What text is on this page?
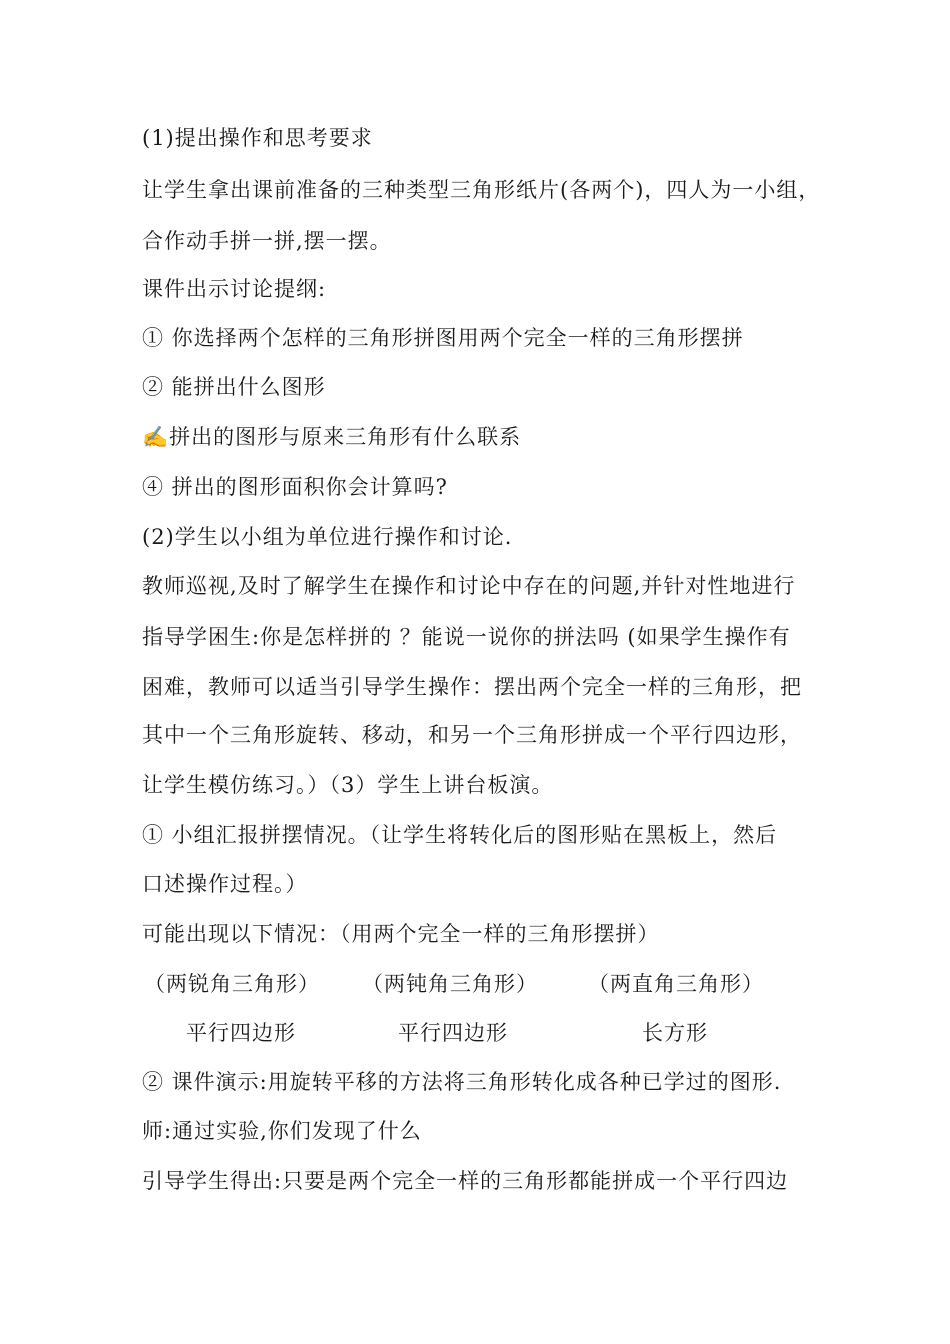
(1)提出操作和思考要求
让学生拿出课前准备的三种类型三角形纸片(各两个)，四人为一小组，
合作动手拼一拼,摆一摆。
课件出示讨论提纲:
① 你选择两个怎样的三角形拼图用两个完全一样的三角形摆拼
② 能拼出什么图形
✍拼出的图形与原来三角形有什么联系
④ 拼出的图形面积你会计算吗?
(2)学生以小组为单位进行操作和讨论.
教师巡视,及时了解学生在操作和讨论中存在的问题,并针对性地进行
指导学困生:你是怎样拼的 ？能说一说你的拼法吗 (如果学生操作有
困难，教师可以适当引导学生操作：摆出两个完全一样的三角形，把
其中一个三角形旋转、移动，和另一个三角形拼成一个平行四边形，
让学生模仿练习。）（3）学生上讲台板演。
① 小组汇报拼摆情况。（让学生将转化后的图形贴在黑板上，然后
口述操作过程。）
可能出现以下情况：（用两个完全一样的三角形摆拼）
（两锐角三角形） （两钝角三角形） （两直角三角形）
平行四边形	平行四边形	长方形
② 课件演示:用旋转平移的方法将三角形转化成各种已学过的图形.
师:通过实验,你们发现了什么
引导学生得出:只要是两个完全一样的三角形都能拼成一个平行四边
